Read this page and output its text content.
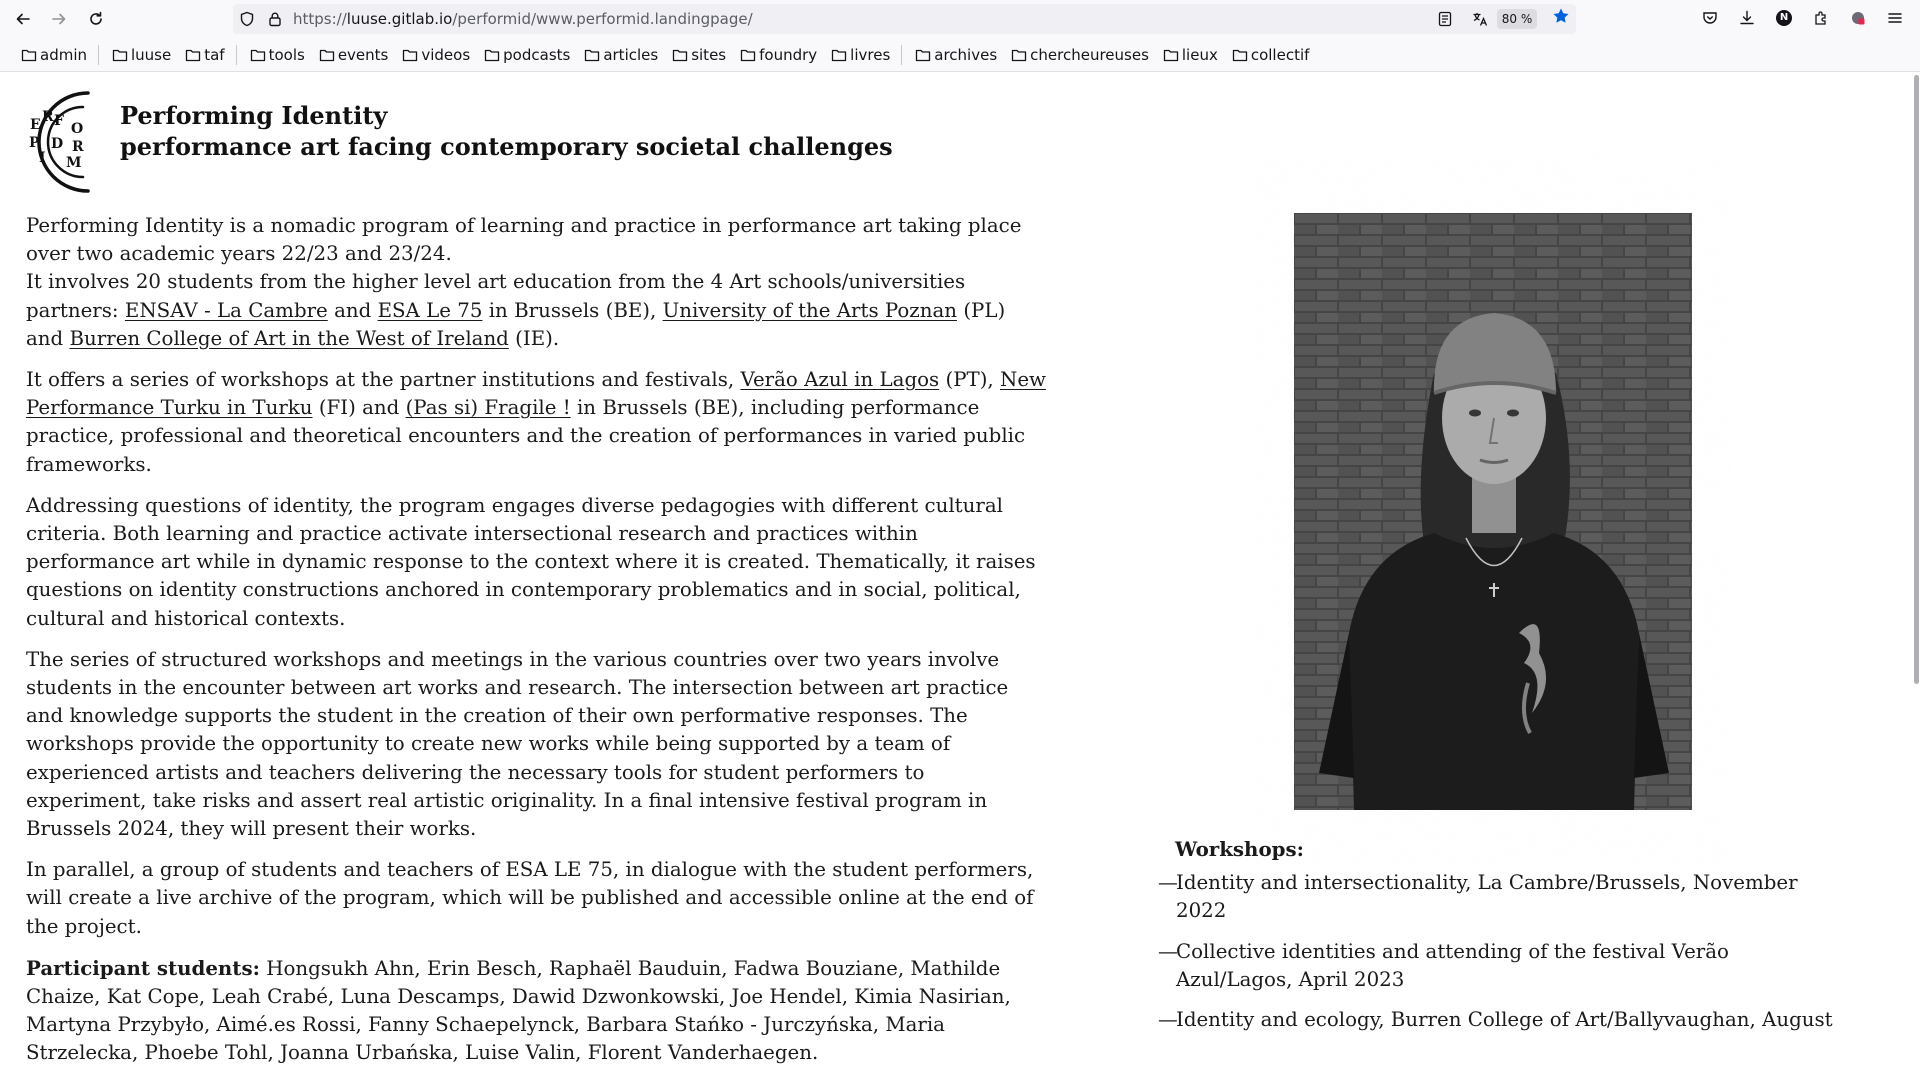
https://luuse.gitlab.io/performid/www.performid.landingpage/	80 %	N
admin	luuse taf	tools events videos podcasts articles sites foundry livres	archives chercheureuses lieux collectif
E R F O
P D R
I M
Performing Identity
performance art facing contemporary societal challenges

Performing Identity is a nomadic program of learning and practice in performance art taking place over two academic years 22/23 and 23/24.
It involves 20 students from the higher level art education from the 4 Art schools/universities partners: ENSAV - La Cambre and ESA Le 75 in Brussels (BE), University of the Arts Poznan (PL) and Burren College of Art in the West of Ireland (IE).

It offers a series of workshops at the partner institutions and festivals, Verão Azul in Lagos (PT), New Performance Turku in Turku (FI) and (Pas si) Fragile ! in Brussels (BE), including performance practice, professional and theoretical encounters and the creation of performances in varied public frameworks.

Addressing questions of identity, the program engages diverse pedagogies with different cultural criteria. Both learning and practice activate intersectional research and practices within performance art while in dynamic response to the context where it is created. Thematically, it raises questions on identity constructions anchored in contemporary problematics and in social, political, cultural and historical contexts.

The series of structured workshops and meetings in the various countries over two years involve students in the encounter between art works and research. The intersection between art practice and knowledge supports the student in the creation of their own performative responses. The workshops provide the opportunity to create new works while being supported by a team of experienced artists and teachers delivering the necessary tools for student performers to experiment, take risks and assert real artistic originality. In a final intensive festival program in Brussels 2024, they will present their works.

In parallel, a group of students and teachers of ESA LE 75, in dialogue with the student performers, will create a live archive of the program, which will be published and accessible online at the end of the project.

Participant students: Hongsukh Ahn, Erin Besch, Raphaël Bauduin, Fadwa Bouziane, Mathilde Chaize, Kat Cope, Leah Crabé, Luna Descamps, Dawid Dzwonkowski, Joe Hendel, Kimia Nasirian, Martyna Przybyło, Aimé.es Rossi, Fanny Schaepelynck, Barbara Stańko - Jurczyńska, Maria Strzelecka, Phoebe Tohl, Joanna Urbańska, Luise Valin, Florent Vanderhaegen.

Workshops:
—
Identity and intersectionality, La Cambre/Brussels, November 2022
—
Collective identities and attending of the festival Verão Azul/Lagos, April 2023
—
Identity and ecology, Burren College of Art/Ballyvaughan, August
